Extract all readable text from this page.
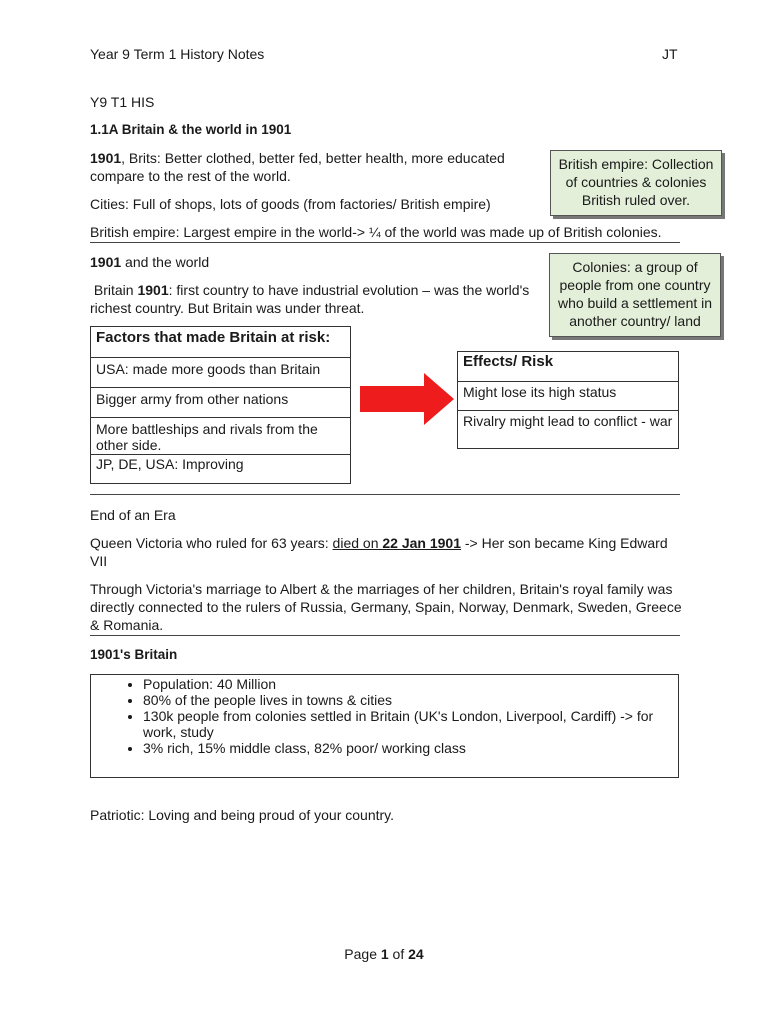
Year 9 Term 1 History Notes	JT
Y9 T1 HIS
1.1A Britain & the world in 1901
1901, Brits: Better clothed, better fed, better health, more educated
compare to the rest of the world.
Cities: Full of shops, lots of goods (from factories/ British empire)
British empire: Largest empire in the world-> ¼ of the world was made up of British colonies.
British empire: Collection
of countries & colonies
British ruled over.
1901 and the world
Britain 1901: first country to have industrial evolution – was the world's
richest country. But Britain was under threat.
Colonies: a group of
people from one country
who build a settlement in
another country/ land
Factors that made Britain at risk:
USA: made more goods than Britain
Bigger army from other nations

More battleships and rivals from the
other side.

JP, DE, USA: Improving
Effects/ Risk
Might lose its high status
Rivalry might lead to conflict - war
End of an Era
Queen Victoria who ruled for 63 years: died on 22 Jan 1901 -> Her son became King Edward
VII
Through Victoria's marriage to Albert & the marriages of her children, Britain's royal family was
directly connected to the rulers of Russia, Germany, Spain, Norway, Denmark, Sweden, Greece
& Romania.
1901's Britain
• Population: 40 Million
• 80% of the people lives in towns & cities
• 130k people from colonies settled in Britain (UK's London, Liverpool, Cardiff) -> for
work, study
• 3% rich, 15% middle class, 82% poor/ working class
Patriotic: Loving and being proud of your country.
Page 1 of 24
